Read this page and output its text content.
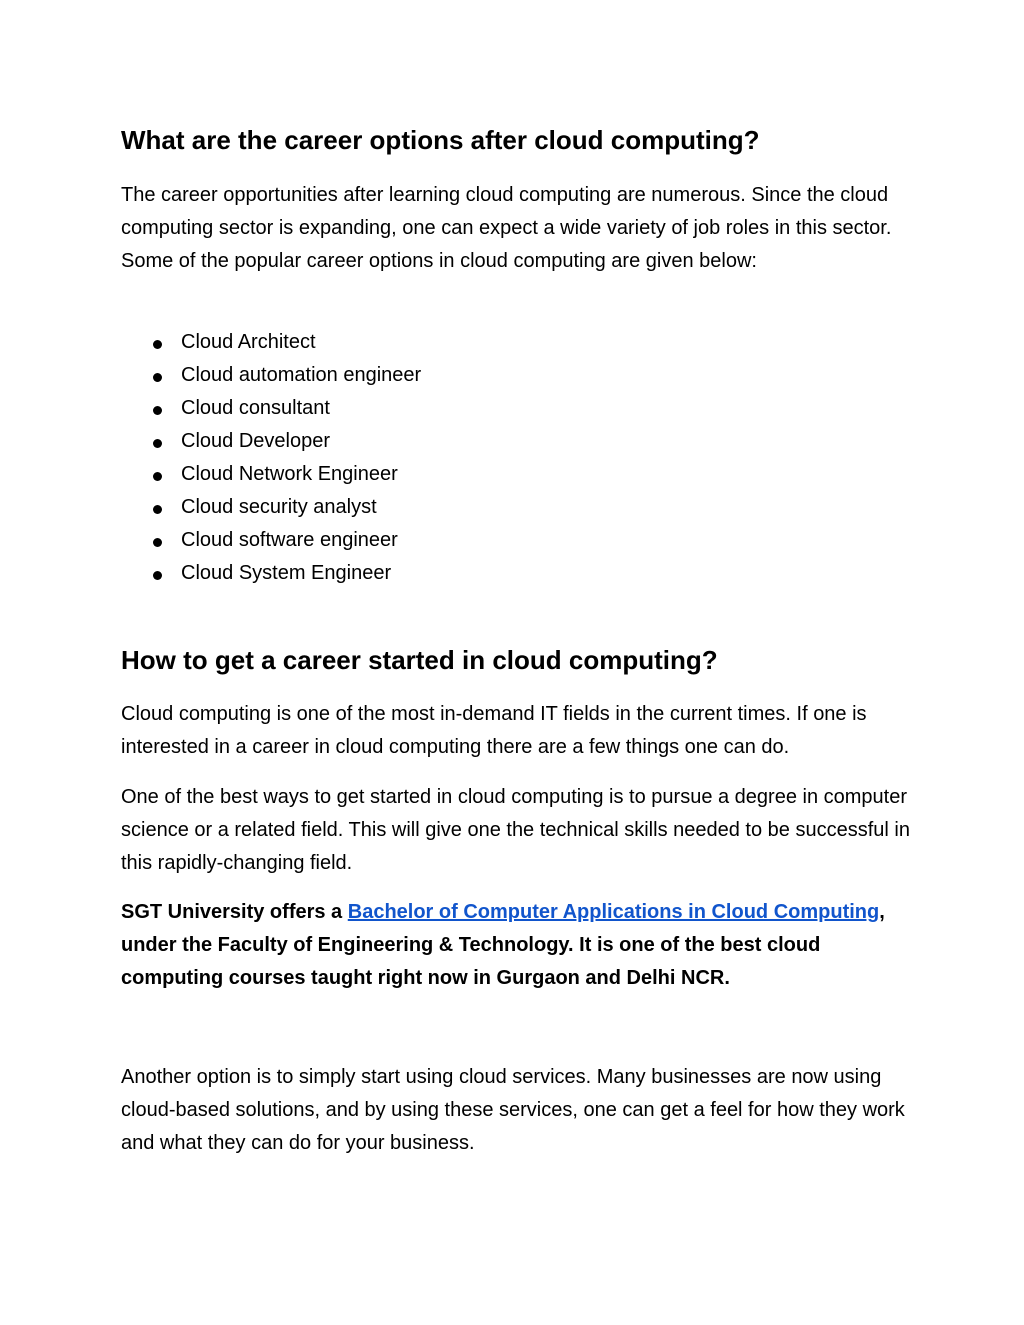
What are the career options after cloud computing?

The career opportunities after learning cloud computing are numerous. Since the cloud computing sector is expanding, one can expect a wide variety of job roles in this sector. Some of the popular career options in cloud computing are given below:

Cloud Architect
Cloud automation engineer
Cloud consultant
Cloud Developer
Cloud Network Engineer
Cloud security analyst
Cloud software engineer
Cloud System Engineer
How to get a career started in cloud computing?

Cloud computing is one of the most in-demand IT fields in the current times. If one is interested in a career in cloud computing there are a few things one can do.

One of the best ways to get started in cloud computing is to pursue a degree in computer science or a related field. This will give one the technical skills needed to be successful in this rapidly-changing field.

SGT University offers a Bachelor of Computer Applications in Cloud Computing, under the Faculty of Engineering & Technology. It is one of the best cloud computing courses taught right now in Gurgaon and Delhi NCR.

Another option is to simply start using cloud services. Many businesses are now using cloud-based solutions, and by using these services, one can get a feel for how they work and what they can do for your business.
